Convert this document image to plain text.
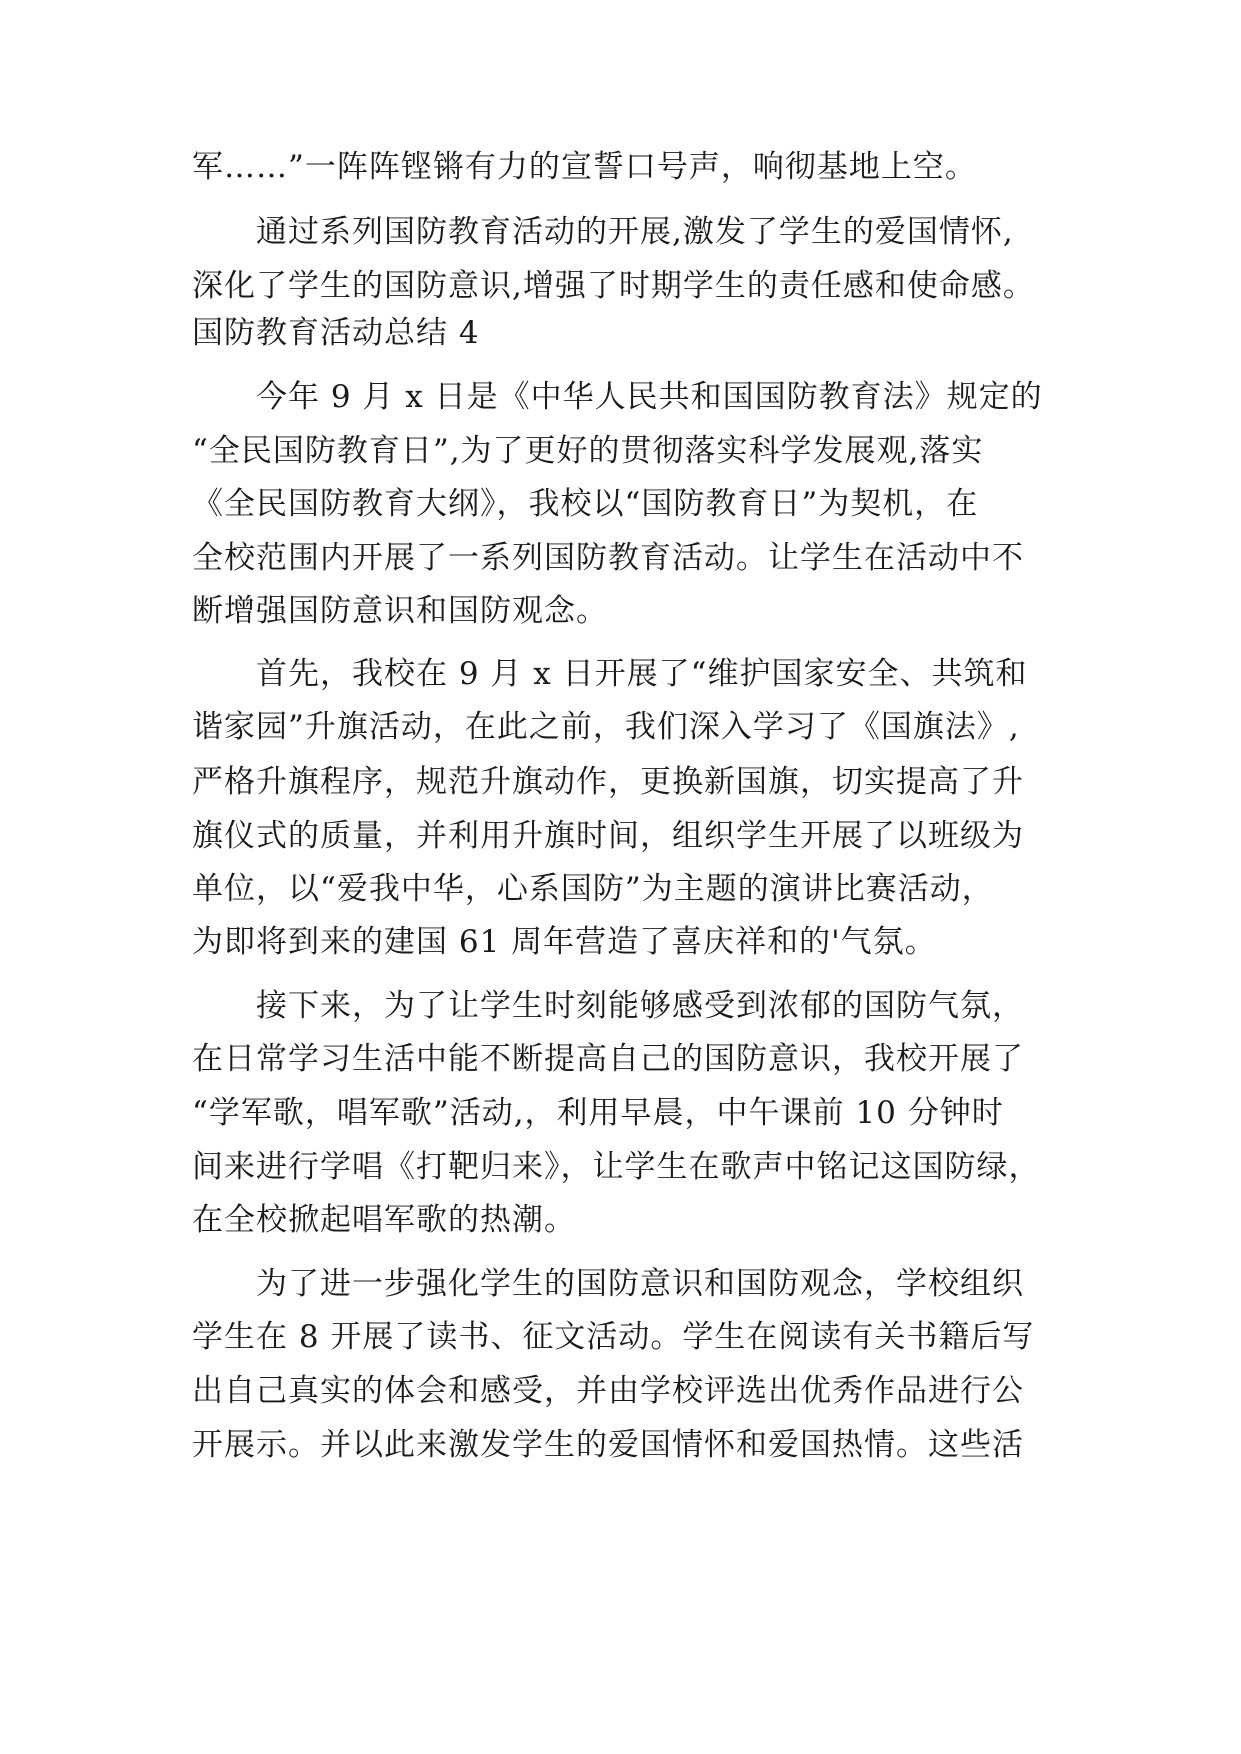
军……”一阵阵铿锵有力的宣誓口号声，响彻基地上空。
通过系列国防教育活动的开展,激发了学生的爱国情怀,
深化了学生的国防意识,增强了时期学生的责任感和使命感。
国防教育活动总结 4
今年 9 月 x 日是《中华人民共和国国防教育法》规定的
“全民国防教育日”,为了更好的贯彻落实科学发展观,落实
《全民国防教育大纲》，我校以“国防教育日”为契机，在
全校范围内开展了一系列国防教育活动。让学生在活动中不
断增强国防意识和国防观念。
首先，我校在 9 月 x 日开展了“维护国家安全、共筑和
谐家园”升旗活动，在此之前，我们深入学习了《国旗法》,
严格升旗程序，规范升旗动作，更换新国旗，切实提高了升
旗仪式的质量，并利用升旗时间，组织学生开展了以班级为
单位，以“爱我中华，心系国防”为主题的演讲比赛活动，
为即将到来的建国 61 周年营造了喜庆祥和的'气氛。
接下来，为了让学生时刻能够感受到浓郁的国防气氛，
在日常学习生活中能不断提高自己的国防意识，我校开展了
“学军歌，唱军歌”活动,，利用早晨，中午课前 10 分钟时
间来进行学唱《打靶归来》，让学生在歌声中铭记这国防绿，
在全校掀起唱军歌的热潮。
为了进一步强化学生的国防意识和国防观念，学校组织
学生在 8 开展了读书、征文活动。学生在阅读有关书籍后写
出自己真实的体会和感受，并由学校评选出优秀作品进行公
开展示。并以此来激发学生的爱国情怀和爱国热情。这些活
